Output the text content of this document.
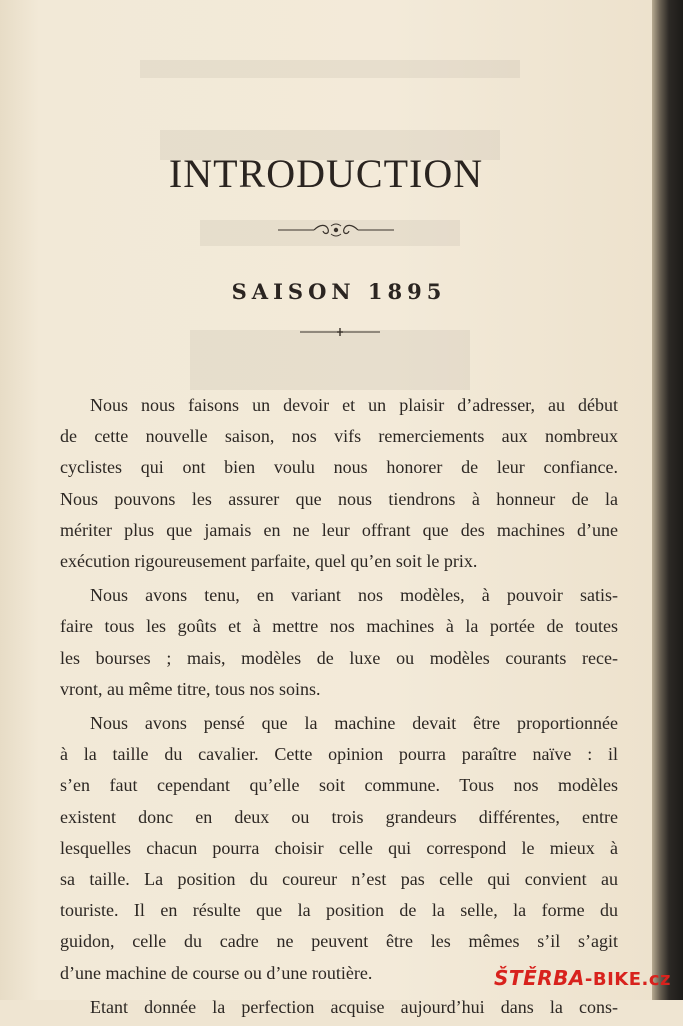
INTRODUCTION
SAISON 1895

Nous nous faisons un devoir et un plaisir d’adresser, au début
de cette nouvelle saison, nos vifs remerciements aux nombreux
cyclistes qui ont bien voulu nous honorer de leur confiance.
Nous pouvons les assurer que nous tiendrons à honneur de la
mériter plus que jamais en ne leur offrant que des machines d’une
exécution rigoureusement parfaite, quel qu’en soit le prix.

Nous avons tenu, en variant nos modèles, à pouvoir satis-
faire tous les goûts et à mettre nos machines à la portée de toutes
les bourses ; mais, modèles de luxe ou modèles courants rece-
vront, au même titre, tous nos soins.

Nous avons pensé que la machine devait être proportionnée
à la taille du cavalier. Cette opinion pourra paraître naïve : il
s’en faut cependant qu’elle soit commune. Tous nos modèles
existent donc en deux ou trois grandeurs différentes, entre
lesquelles chacun pourra choisir celle qui correspond le mieux à
sa taille. La position du coureur n’est pas celle qui convient au
touriste. Il en résulte que la position de la selle, la forme du
guidon, celle du cadre ne peuvent être les mêmes s’il s’agit
d’une machine de course ou d’une routière.

Etant donnée la perfection acquise aujourd’hui dans la cons-

ŠTĚRBA-BIKE.cz
